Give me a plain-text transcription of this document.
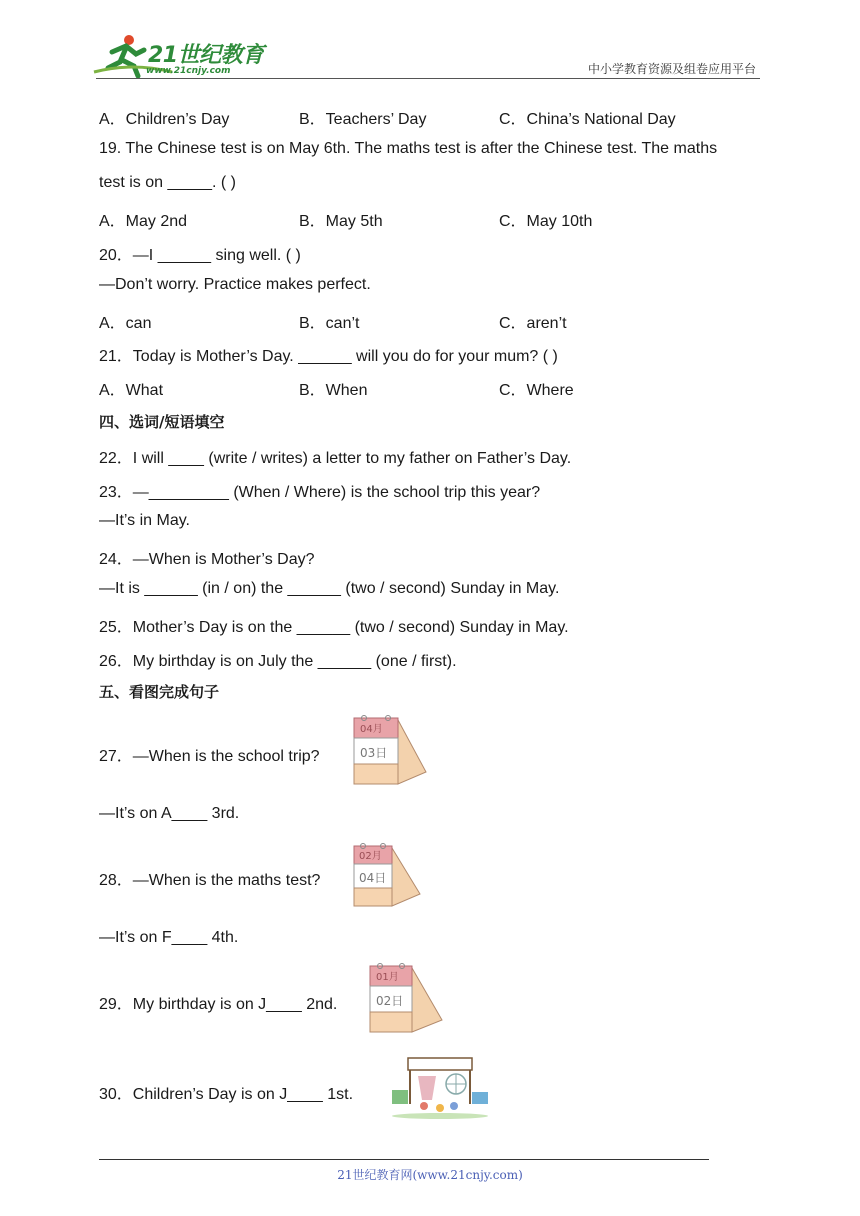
21世纪教育
www.21cnjy.com	中小学教育资源及组卷应用平台
A．Children’s Day	B．Teachers’ Day	C．China’s National Day
19. The Chinese test is on May 6th. The maths test is after the Chinese test. The maths
test is on _____. ( )
A．May 2nd	B．May 5th	C．May 10th
20．—I ______ sing well. ( )
—Don’t worry. Practice makes perfect.
A．can	B．can’t	C．aren’t
21．Today is Mother’s Day. ______ will you do for your mum? ( )
A．What	B．When	C．Where
四、选词/短语填空
22．I will ____ (write / writes) a letter to my father on Father’s Day.
23．—_________ (When / Where) is the school trip this year?
—It’s in May.
24．—When is Mother’s Day?
—It is ______ (in / on) the ______ (two / second) Sunday in May.
25．Mother’s Day is on the ______ (two / second) Sunday in May.
26．My birthday is on July the ______ (one / first).
五、看图完成句子
27．—When is the school trip?
04月
03日
—It’s on A____ 3rd.
28．—When is the maths test?
02月
04日
—It’s on F____ 4th.
29．My birthday is on J____ 2nd.
01月
02日
30．Children’s Day is on J____ 1st.
21世纪教育网(www.21cnjy.com)
